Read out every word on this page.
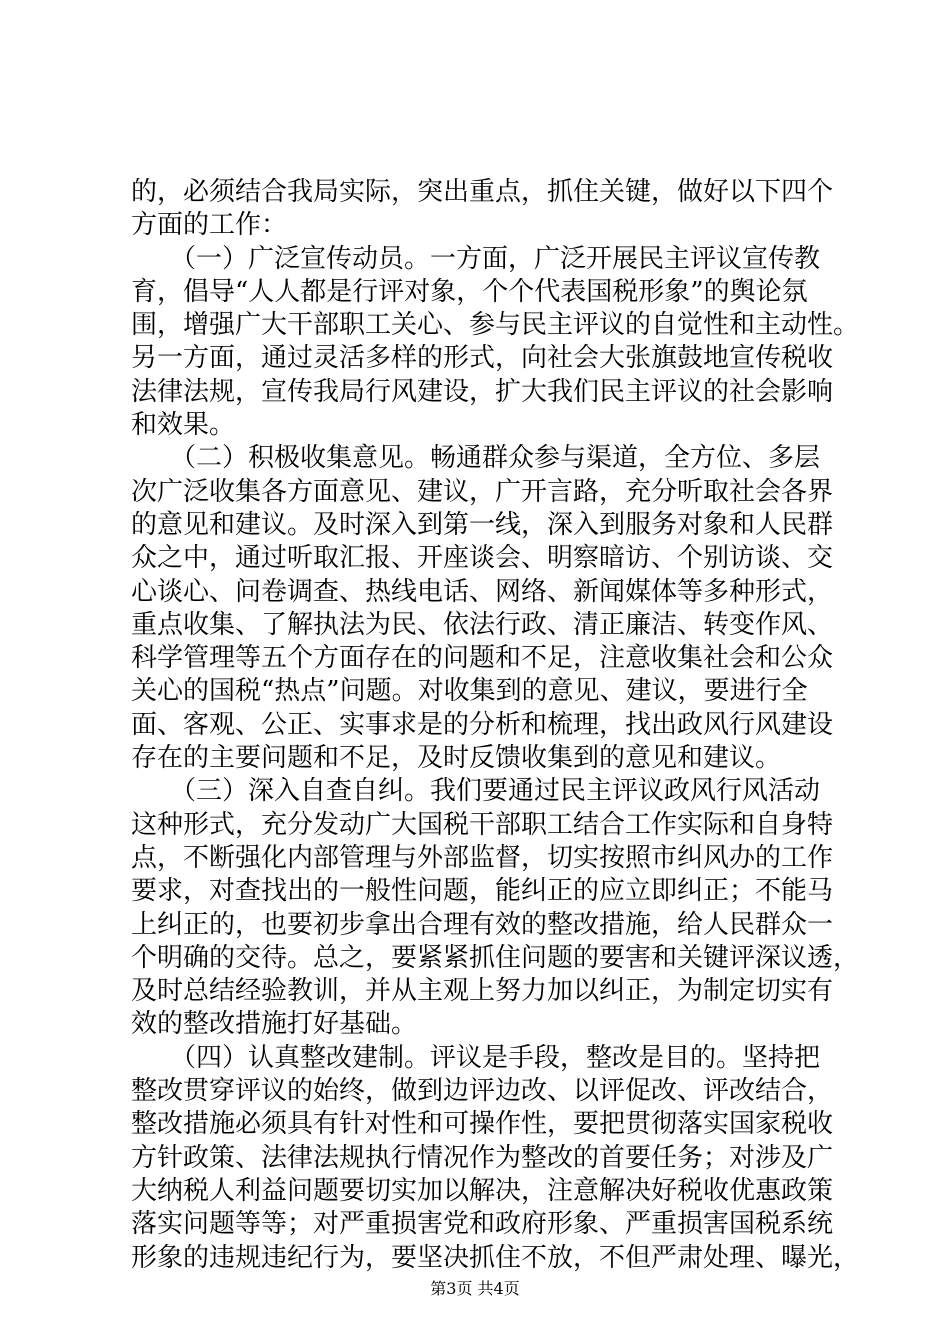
的，必须结合我局实际，突出重点，抓住关键，做好以下四个
方面的工作：
　　（一）广泛宣传动员。一方面，广泛开展民主评议宣传教
育，倡导“人人都是行评对象，个个代表国税形象”的舆论氛
围，增强广大干部职工关心、参与民主评议的自觉性和主动性。
另一方面，通过灵活多样的形式，向社会大张旗鼓地宣传税收
法律法规，宣传我局行风建设，扩大我们民主评议的社会影响
和效果。
　　（二）积极收集意见。畅通群众参与渠道，全方位、多层
次广泛收集各方面意见、建议，广开言路，充分听取社会各界
的意见和建议。及时深入到第一线，深入到服务对象和人民群
众之中，通过听取汇报、开座谈会、明察暗访、个别访谈、交
心谈心、问卷调查、热线电话、网络、新闻媒体等多种形式，
重点收集、了解执法为民、依法行政、清正廉洁、转变作风、
科学管理等五个方面存在的问题和不足，注意收集社会和公众
关心的国税“热点”问题。对收集到的意见、建议，要进行全
面、客观、公正、实事求是的分析和梳理，找出政风行风建设
存在的主要问题和不足，及时反馈收集到的意见和建议。
　　（三）深入自查自纠。我们要通过民主评议政风行风活动
这种形式，充分发动广大国税干部职工结合工作实际和自身特
点，不断强化内部管理与外部监督，切实按照市纠风办的工作
要求，对查找出的一般性问题，能纠正的应立即纠正；不能马
上纠正的，也要初步拿出合理有效的整改措施，给人民群众一
个明确的交待。总之，要紧紧抓住问题的要害和关键评深议透，
及时总结经验教训，并从主观上努力加以纠正，为制定切实有
效的整改措施打好基础。
　　（四）认真整改建制。评议是手段，整改是目的。坚持把
整改贯穿评议的始终，做到边评边改、以评促改、评改结合，
整改措施必须具有针对性和可操作性，要把贯彻落实国家税收
方针政策、法律法规执行情况作为整改的首要任务；对涉及广
大纳税人利益问题要切实加以解决，注意解决好税收优惠政策
落实问题等等；对严重损害党和政府形象、严重损害国税系统
形象的违规违纪行为，要坚决抓住不放，不但严肃处理、曝光，
第3页 共4页
